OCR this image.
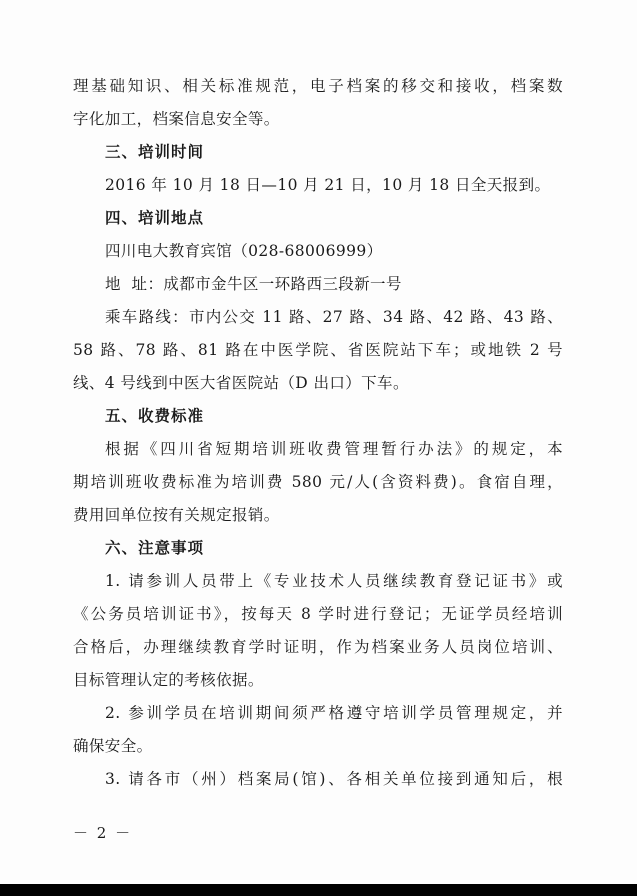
理基础知识、相关标准规范，电子档案的移交和接收，档案数
字化加工，档案信息安全等。
三、培训时间
2016 年 10 月 18 日—10 月 21 日，10 月 18 日全天报到。
四、培训地点
四川电大教育宾馆（028-68006999）
地  址：成都市金牛区一环路西三段新一号
乘车路线：市内公交 11 路、27 路、34 路、42 路、43 路、
58 路、78 路、81 路在中医学院、省医院站下车；或地铁 2 号
线、4 号线到中医大省医院站（D 出口）下车。
五、收费标准
根据《四川省短期培训班收费管理暂行办法》的规定，本
期培训班收费标准为培训费 580 元/人(含资料费)。食宿自理，
费用回单位按有关规定报销。
六、注意事项
1. 请参训人员带上《专业技术人员继续教育登记证书》或
《公务员培训证书》，按每天 8 学时进行登记；无证学员经培训
合格后，办理继续教育学时证明，作为档案业务人员岗位培训、
目标管理认定的考核依据。
2. 参训学员在培训期间须严格遵守培训学员管理规定，并
确保安全。
3. 请各市（州）档案局(馆)、各相关单位接到通知后，根
－ 2 －
